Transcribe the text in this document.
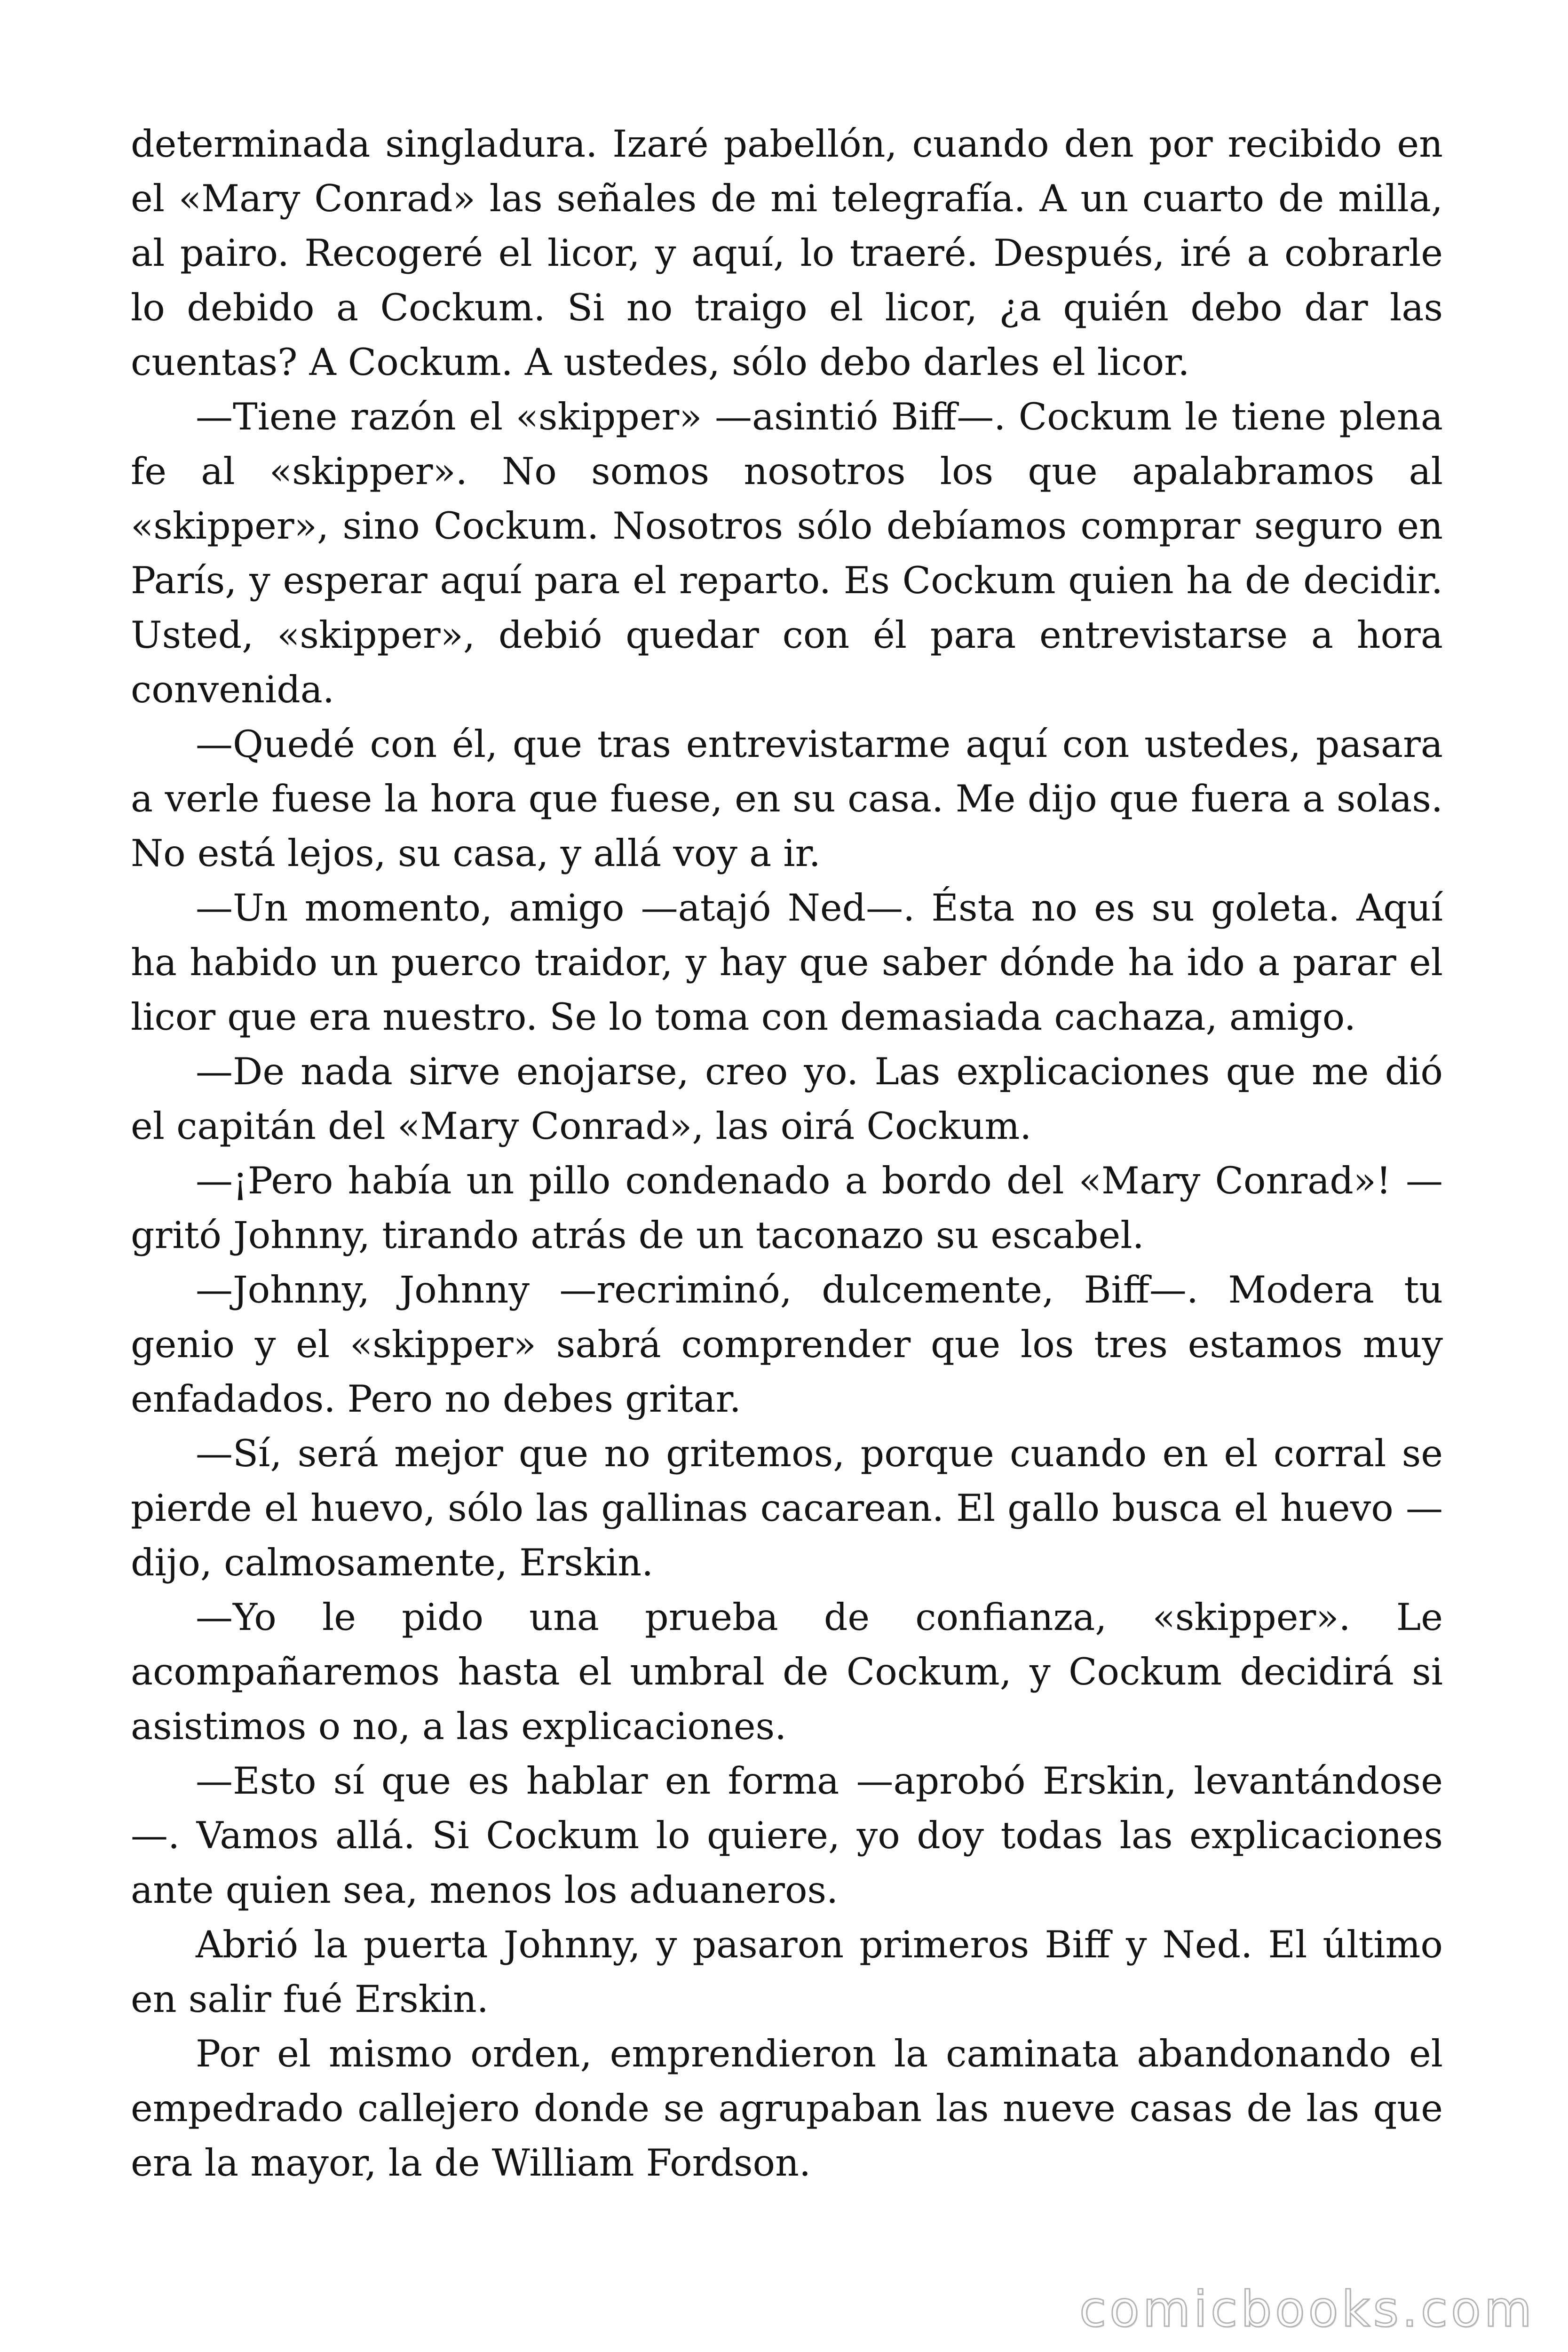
determinada singladura. Izaré pabellón, cuando den por recibido en el «Mary Conrad» las señales de mi telegrafía. A un cuarto de milla, al pairo. Recogeré el licor, y aquí, lo traeré. Después, iré a cobrarle lo debido a Cockum. Si no traigo el licor, ¿a quién debo dar las cuentas? A Cockum. A ustedes, sólo debo darles el licor.

—Tiene razón el «skipper» —asintió Biff—. Cockum le tiene plena fe al «skipper». No somos nosotros los que apalabramos al «skipper», sino Cockum. Nosotros sólo debíamos comprar seguro en París, y esperar aquí para el reparto. Es Cockum quien ha de decidir. Usted, «skipper», debió quedar con él para entrevistarse a hora convenida.

—Quedé con él, que tras entrevistarme aquí con ustedes, pasara a verle fuese la hora que fuese, en su casa. Me dijo que fuera a solas. No está lejos, su casa, y allá voy a ir.

—Un momento, amigo —atajó Ned—. Ésta no es su goleta. Aquí ha habido un puerco traidor, y hay que saber dónde ha ido a parar el licor que era nuestro. Se lo toma con demasiada cachaza, amigo.

—De nada sirve enojarse, creo yo. Las explicaciones que me dió el capitán del «Mary Conrad», las oirá Cockum.

—¡Pero había un pillo condenado a bordo del «Mary Conrad»! —gritó Johnny, tirando atrás de un taconazo su escabel.

—Johnny, Johnny —recriminó, dulcemente, Biff—. Modera tu genio y el «skipper» sabrá comprender que los tres estamos muy enfadados. Pero no debes gritar.

—Sí, será mejor que no gritemos, porque cuando en el corral se pierde el huevo, sólo las gallinas cacarean. El gallo busca el huevo —dijo, calmosamente, Erskin.

—Yo le pido una prueba de confianza, «skipper». Le acompañaremos hasta el umbral de Cockum, y Cockum decidirá si asistimos o no, a las explicaciones.

—Esto sí que es hablar en forma —aprobó Erskin, levantándose —. Vamos allá. Si Cockum lo quiere, yo doy todas las explicaciones ante quien sea, menos los aduaneros.

Abrió la puerta Johnny, y pasaron primeros Biff y Ned. El último en salir fué Erskin.

Por el mismo orden, emprendieron la caminata abandonando el empedrado callejero donde se agrupaban las nueve casas de las que era la mayor, la de William Fordson.

comicbooks.com
